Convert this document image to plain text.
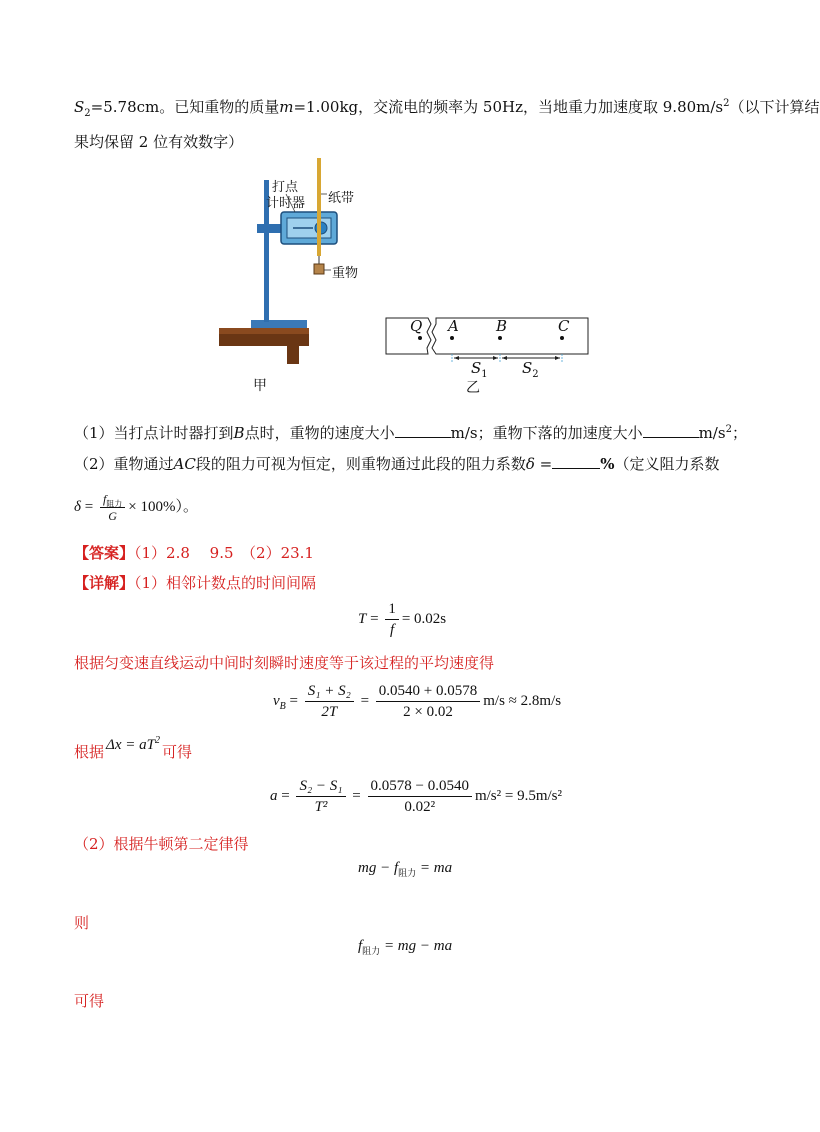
$S_2=5.78cm$。已知重物的质量m=1.00kg，交流电的频率为 50Hz，当地重力加速度取 $9.80m/s^2$（以下计算结
果均保留 2 位有效数字）
打点
计时器 纸带
重物
甲
Q A B	C
$S_1$ $S_2$
乙
（1）当打点计时器打到B点时，重物的速度大小	m/s；重物下落的加速度大小	$m/s^2$；
（2）重物通过AC段的阻力可视为恒定，则重物通过此段的阻力系数δ =	%（定义阻力系数
$\delta = \frac{f_{阻力}}{G} \times 100\%$）。
【答案】（1）2.8　 9.5　（2）23.1
【详解】（1）相邻计数点的时间间隔
$T = \frac{1}{f} = 0.02s$
根据匀变速直线运动中间时刻瞬时速度等于该过程的平均速度得
$v_B = \frac{\text{S₁ + S₂}}{2T} = \frac{0.0540 + 0.0578}{2 \times 0.02} m/s \approx 2.8m/s$
根据 $\Delta x = aT^2$可得
$a = \frac{\text{S₂ − S₁}}{\text{T²}} = \frac{0.0578 - 0.0540}{\text{0.02²}} m/s^2 = 9.5m/s^2$
（2）根据牛顿第二定律得
mg − $f_{阻力}$ = ma
则
$f_{阻力}$ = mg − ma
可得
